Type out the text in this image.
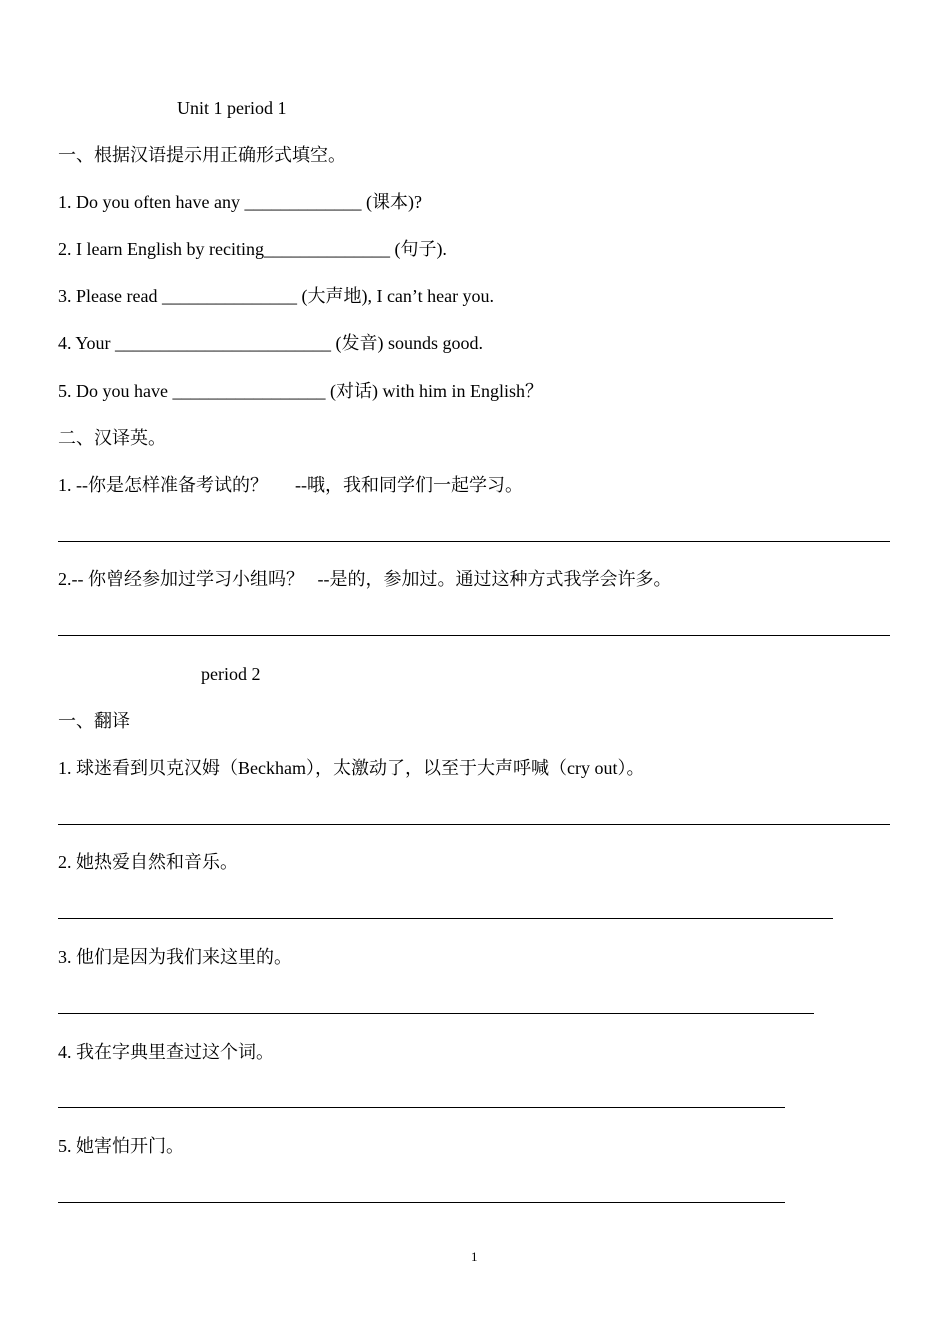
Unit 1 period 1
一、根据汉语提示用正确形式填空。
1. Do you often have any _____________ (课本)?
2. I learn English by reciting______________ (句子).
3. Please read _______________ (大声地), I can’t hear you.
4. Your ________________________ (发音) sounds good.
5. Do you have _________________ (对话) with him in English？
二、汉译英。
1. --你是怎样准备考试的？      --哦，我和同学们一起学习。
2.-- 你曾经参加过学习小组吗？   --是的，参加过。通过这种方式我学会许多。
period 2
一、翻译
1. 球迷看到贝克汉姆（Beckham），太激动了，以至于大声呼喊（cry out）。
2. 她热爱自然和音乐。
3. 他们是因为我们来这里的。
4. 我在字典里查过这个词。
5. 她害怕开门。
1
